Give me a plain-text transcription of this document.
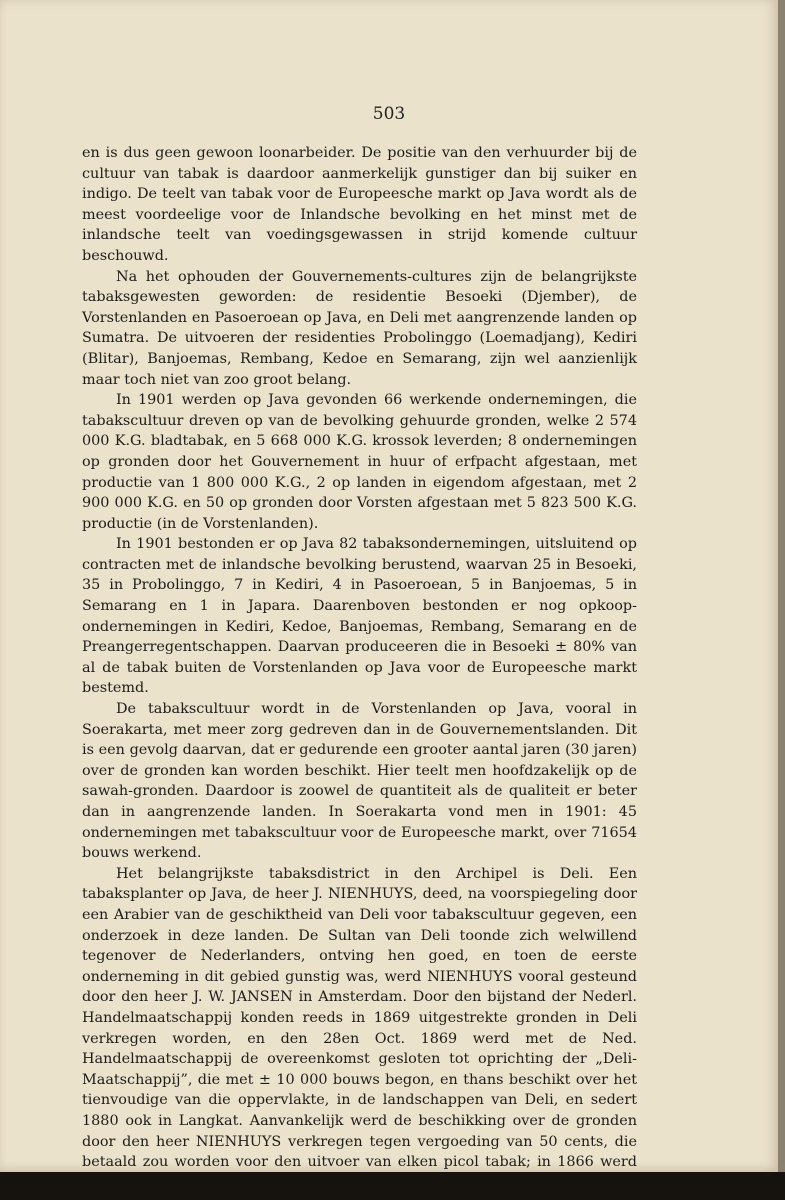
503

en is dus geen gewoon loonarbeider. De positie van den verhuurder bij de cultuur van tabak is daardoor aanmerkelijk gunstiger dan bij suiker en indigo. De teelt van tabak voor de Europeesche markt op Java wordt als de meest voordeelige voor de Inlandsche bevolking en het minst met de inlandsche teelt van voedingsgewassen in strijd komende cultuur beschouwd.

Na het ophouden der Gouvernements-cultures zijn de belangrijkste tabaksgewesten geworden: de residentie Besoeki (Djember), de Vorstenlanden en Pasoeroean op Java, en Deli met aangrenzende landen op Sumatra. De uitvoeren der residenties Probolinggo (Loemadjang), Kediri (Blitar), Banjoemas, Rembang, Kedoe en Semarang, zijn wel aanzienlijk maar toch niet van zoo groot belang.

In 1901 werden op Java gevonden 66 werkende ondernemingen, die tabakscultuur dreven op van de bevolking gehuurde gronden, welke 2 574 000 K.G. bladtabak, en 5 668 000 K.G. krossok leverden; 8 ondernemingen op gronden door het Gouvernement in huur of erfpacht afgestaan, met productie van 1 800 000 K.G., 2 op landen in eigendom afgestaan, met 2 900 000 K.G. en 50 op gronden door Vorsten afgestaan met 5 823 500 K.G. productie (in de Vorstenlanden).

In 1901 bestonden er op Java 82 tabaksondernemingen, uitsluitend op contracten met de inlandsche bevolking berustend, waarvan 25 in Besoeki, 35 in Probolinggo, 7 in Kediri, 4 in Pasoeroean, 5 in Banjoemas, 5 in Semarang en 1 in Japara. Daarenboven bestonden er nog opkoop-ondernemingen in Kediri, Kedoe, Banjoemas, Rembang, Semarang en de Preangerregentschappen. Daarvan produceeren die in Besoeki ± 80% van al de tabak buiten de Vorstenlanden op Java voor de Europeesche markt bestemd.

De tabakscultuur wordt in de Vorstenlanden op Java, vooral in Soerakarta, met meer zorg gedreven dan in de Gouvernementslanden. Dit is een gevolg daarvan, dat er gedurende een grooter aantal jaren (30 jaren) over de gronden kan worden beschikt. Hier teelt men hoofdzakelijk op de sawah-gronden. Daardoor is zoowel de quantiteit als de qualiteit er beter dan in aangrenzende landen. In Soerakarta vond men in 1901: 45 ondernemingen met tabakscultuur voor de Europeesche markt, over 71654 bouws werkend.

Het belangrijkste tabaksdistrict in den Archipel is Deli. Een tabaksplanter op Java, de heer J. NIENHUYS, deed, na voorspiegeling door een Arabier van de geschiktheid van Deli voor tabakscultuur gegeven, een onderzoek in deze landen. De Sultan van Deli toonde zich welwillend tegenover de Nederlanders, ontving hen goed, en toen de eerste onderneming in dit gebied gunstig was, werd NIENHUYS vooral gesteund door den heer J. W. JANSEN in Amsterdam. Door den bijstand der Nederl. Handelmaatschappij konden reeds in 1869 uitgestrekte gronden in Deli verkregen worden, en den 28en Oct. 1869 werd met de Ned. Handelmaatschappij de overeenkomst gesloten tot oprichting der „Deli-Maatschappij”, die met ± 10 000 bouws begon, en thans beschikt over het tienvoudige van die oppervlakte, in de landschappen van Deli, en sedert 1880 ook in Langkat. Aanvankelijk werd de beschikking over de gronden door den heer NIENHUYS verkregen tegen vergoeding van 50 cents, die betaald zou worden voor den uitvoer van elken picol tabak; in 1866 werd
